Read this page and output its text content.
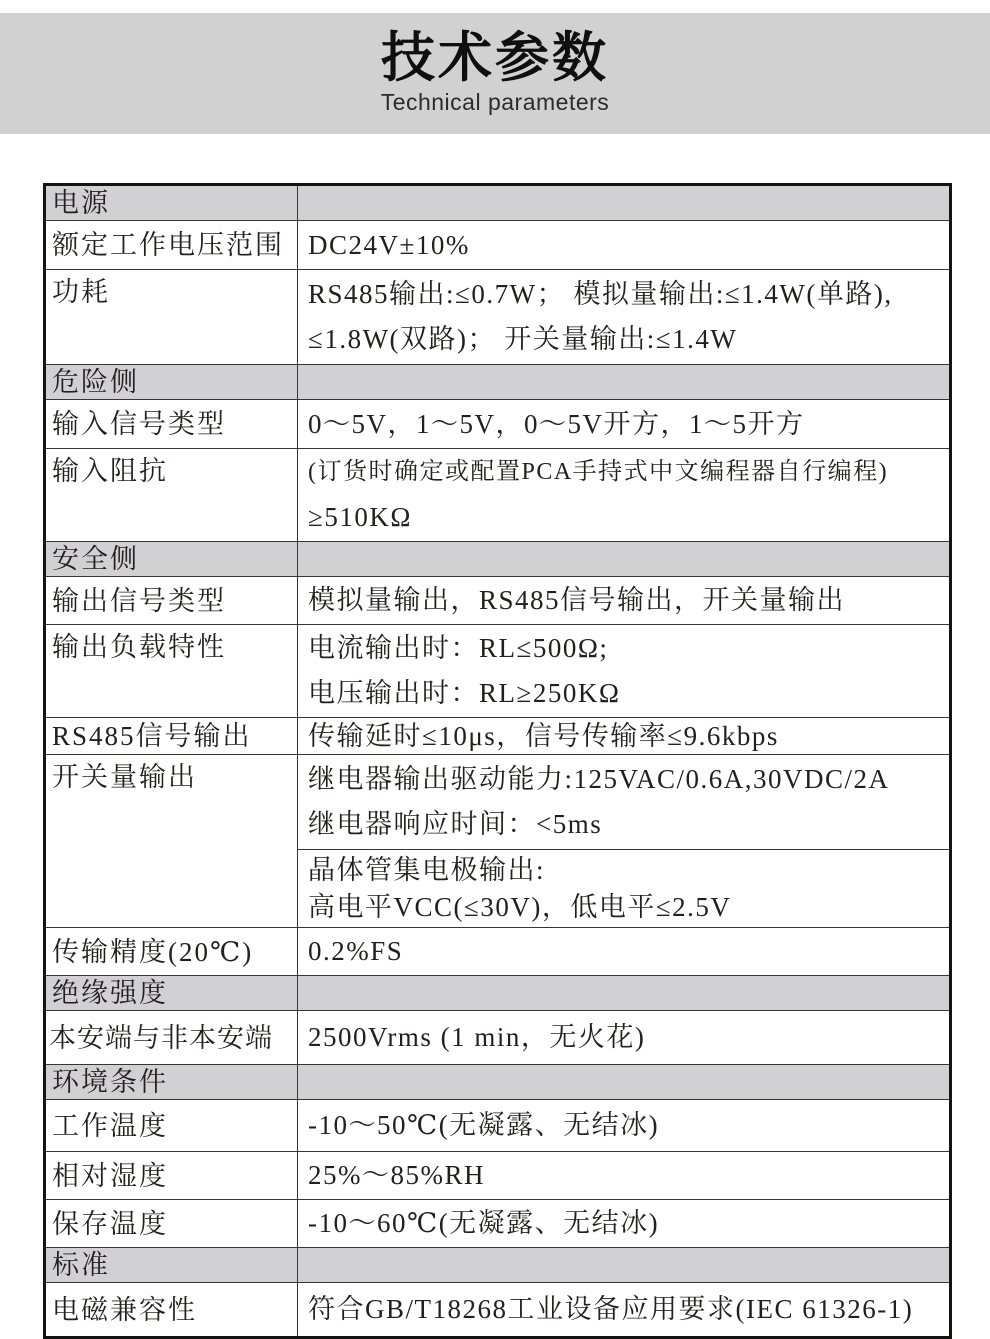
技术参数
Technical parameters
电源	
额定工作电压范围	DC24V±10%

功耗	RS485输出:≤0.7W； 模拟量输出:≤1.4W(单路),
≤1.8W(双路)； 开关量输出:≤1.4W

危险侧	
输入信号类型	0～5V，1～5V，0～5V开方，1～5开方

输入阻抗	(订货时确定或配置PCA手持式中文编程器自行编程)
≥510KΩ

安全侧	
输出信号类型	模拟量输出，RS485信号输出，开关量输出

输出负载特性	电流输出时：RL≤500Ω;
电压输出时：RL≥250KΩ

RS485信号输出	传输延时≤10μs，信号传输率≤9.6kbps

开关量输出	继电器输出驱动能力:125VAC/0.6A,30VDC/2A
继电器响应时间：<5ms

	晶体管集电极输出:
高电平VCC(≤30V)，低电平≤2.5V

传输精度(20℃)	0.2%FS

绝缘强度	
本安端与非本安端	2500Vrms (1 min，无火花)

环境条件	
工作温度	-10～50℃(无凝露、无结冰)

相对湿度	25%～85%RH

保存温度	-10～60℃(无凝露、无结冰)

标准	
电磁兼容性	符合GB/T18268工业设备应用要求(IEC 61326-1)
